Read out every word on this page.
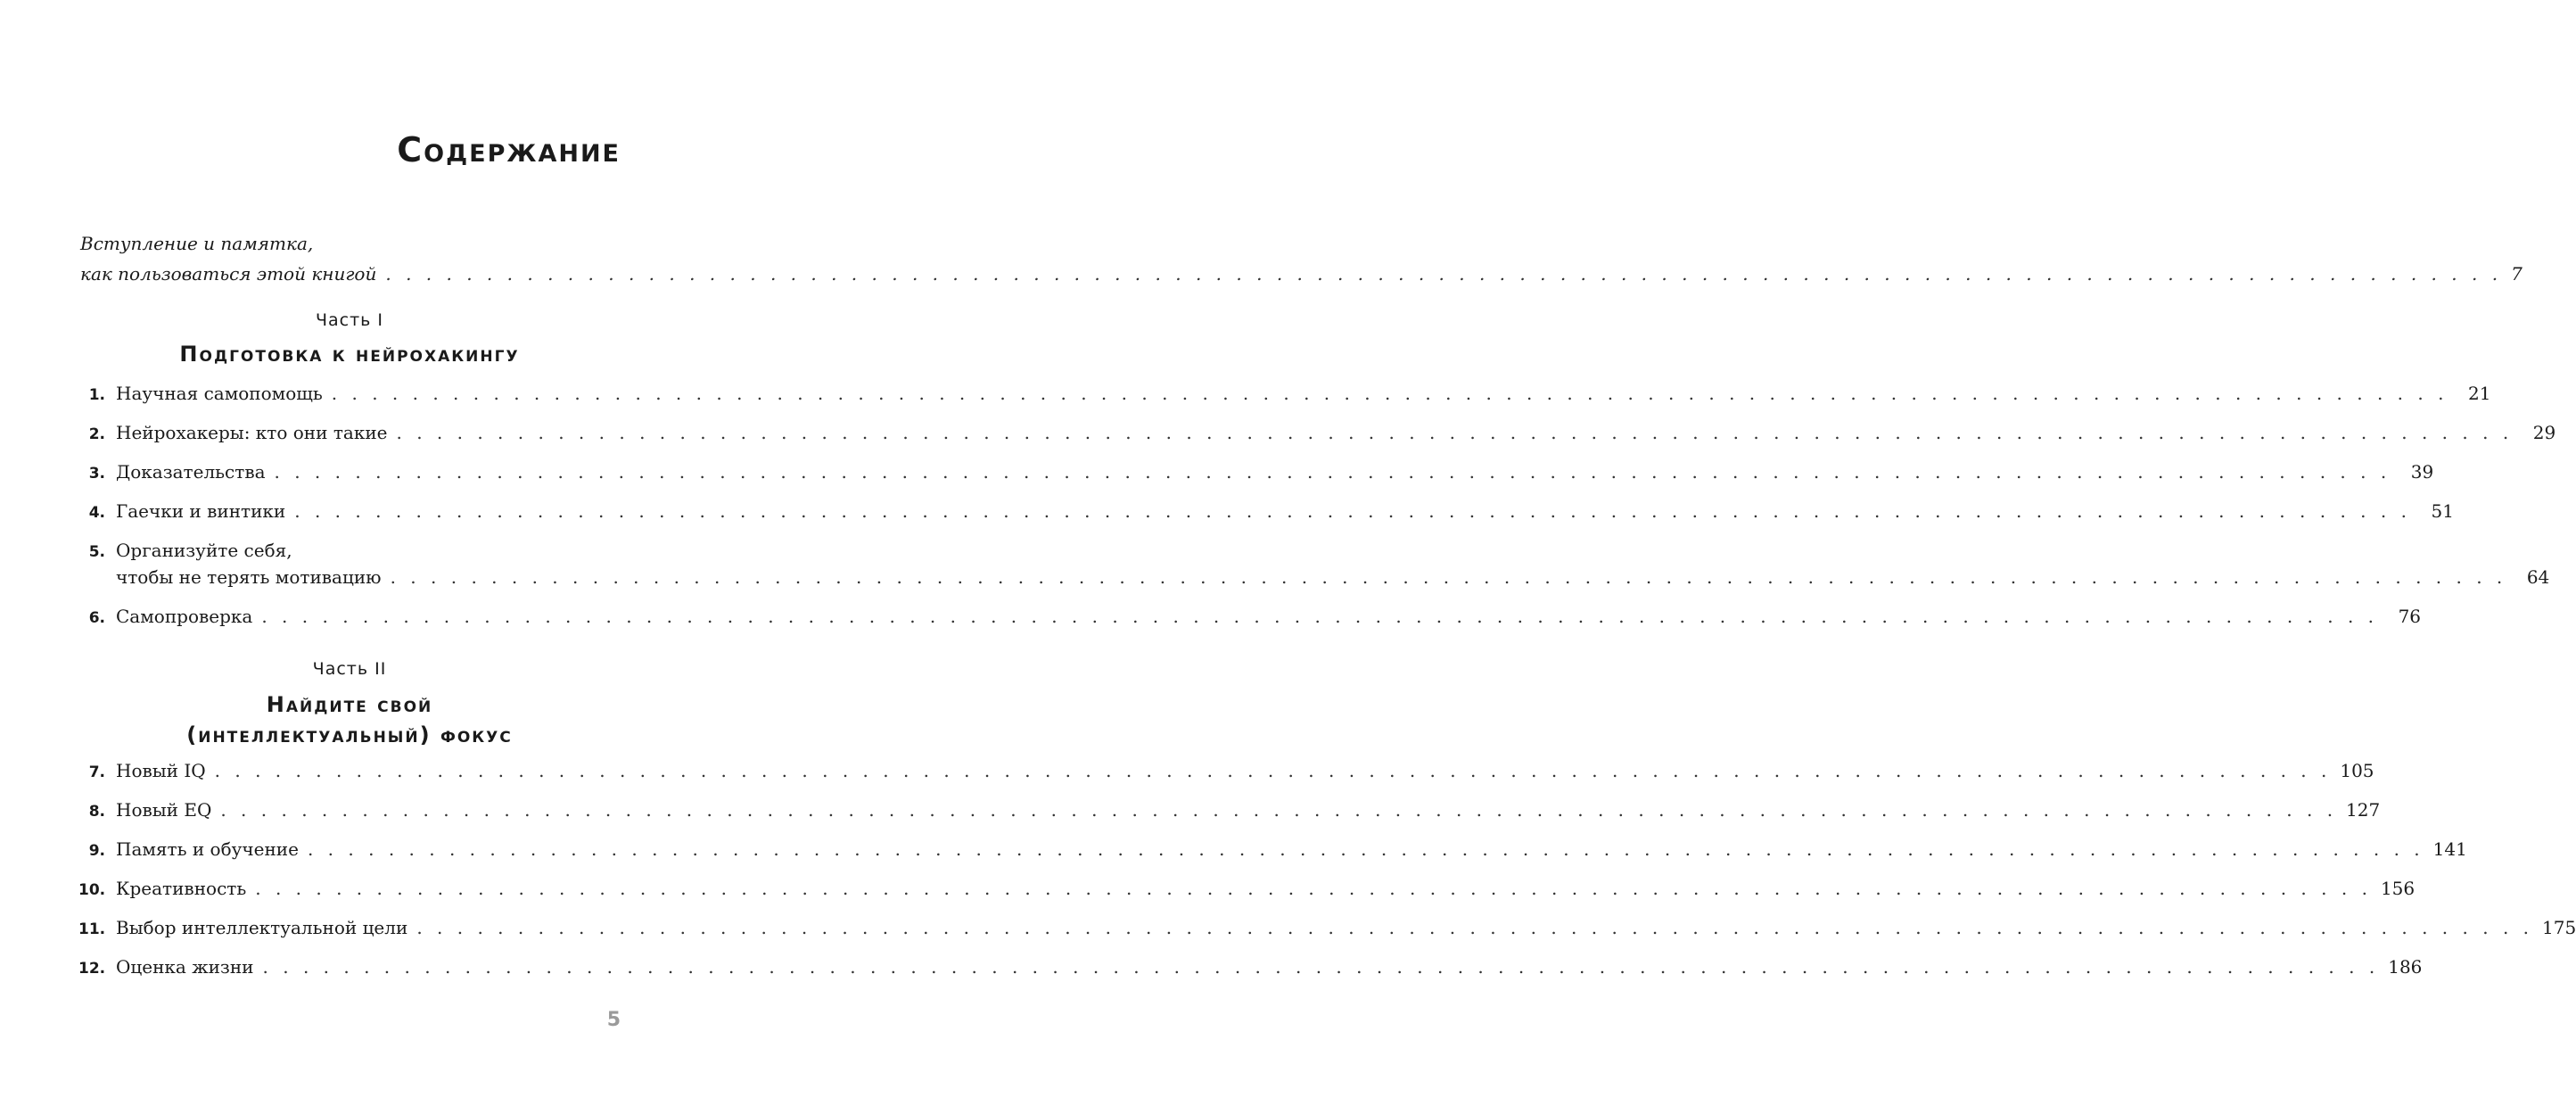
Содержание
Вступление и памятка,
как пользоваться этой книгой . . .	7
Часть I
Подготовка к нейрохакингу
1. Научная самопомощь . . .	21
2. Нейрохакеры: кто они такие . . .	29
3. Доказательства . . .	39
4. Гаечки и винтики . . .	51
5. Организуйте себя,
чтобы не терять мотивацию . . .	64
6. Самопроверка . . .	76
Часть II
Найдите свой
(интеллектуальный) фокус
7. Новый IQ . . .	105
8. Новый EQ . . .	127
9. Память и обучение . . .	141
10. Креативность . . .	156
11. Выбор интеллектуальной цели . . .	175
12. Оценка жизни . . .	186
5
